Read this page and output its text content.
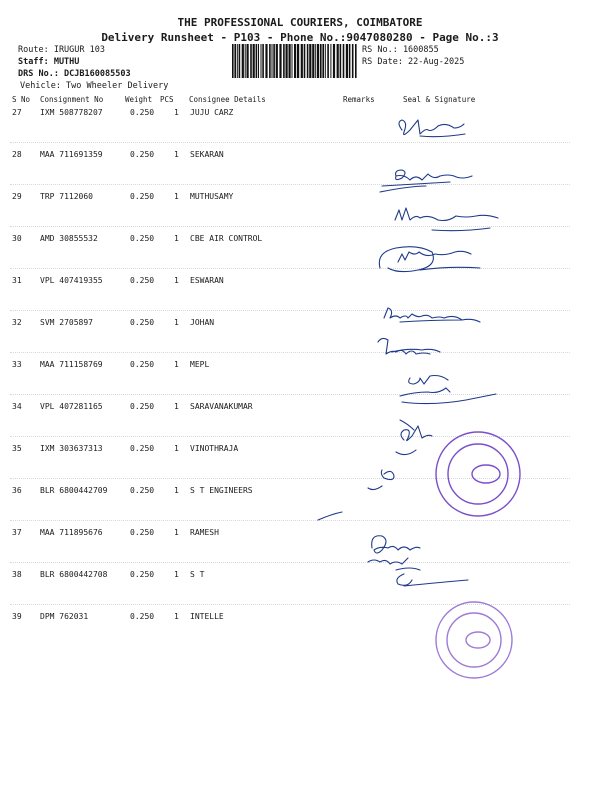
THE PROFESSIONAL COURIERS, COIMBATORE
Delivery Runsheet - P103 - Phone No.:9047080280 - Page No.:3
Route: IRUGUR 103
Staff: MUTHU
DRS No.: DCJB160085503
Vehicle: Two Wheeler Delivery
RS No.: 1600855
RS Date: 22-Aug-2025
S No Consignment No	Weight PCS Consignee Details	Remarks	Seal & Signature
27 IXM 508778207	0.250 1 JUJU CARZ
28 MAA 711691359	0.250 1 SEKARAN
29 TRP 7112060	0.250 1 MUTHUSAMY
30 AMD 30855532	0.250 1 CBE AIR CONTROL
31 VPL 407419355	0.250 1 ESWARAN
32 SVM 2705897	0.250 1 JOHAN
33 MAA 711158769	0.250 1 MEPL
34 VPL 407281165	0.250 1 SARAVANAKUMAR
35 IXM 303637313	0.250 1 VINOTHRAJA
36 BLR 6800442709	0.250 1 S T ENGINEERS
37 MAA 711895676	0.250 1 RAMESH
38 BLR 6800442708	0.250 1 S T
39 DPM 762031	0.250 1 INTELLE
